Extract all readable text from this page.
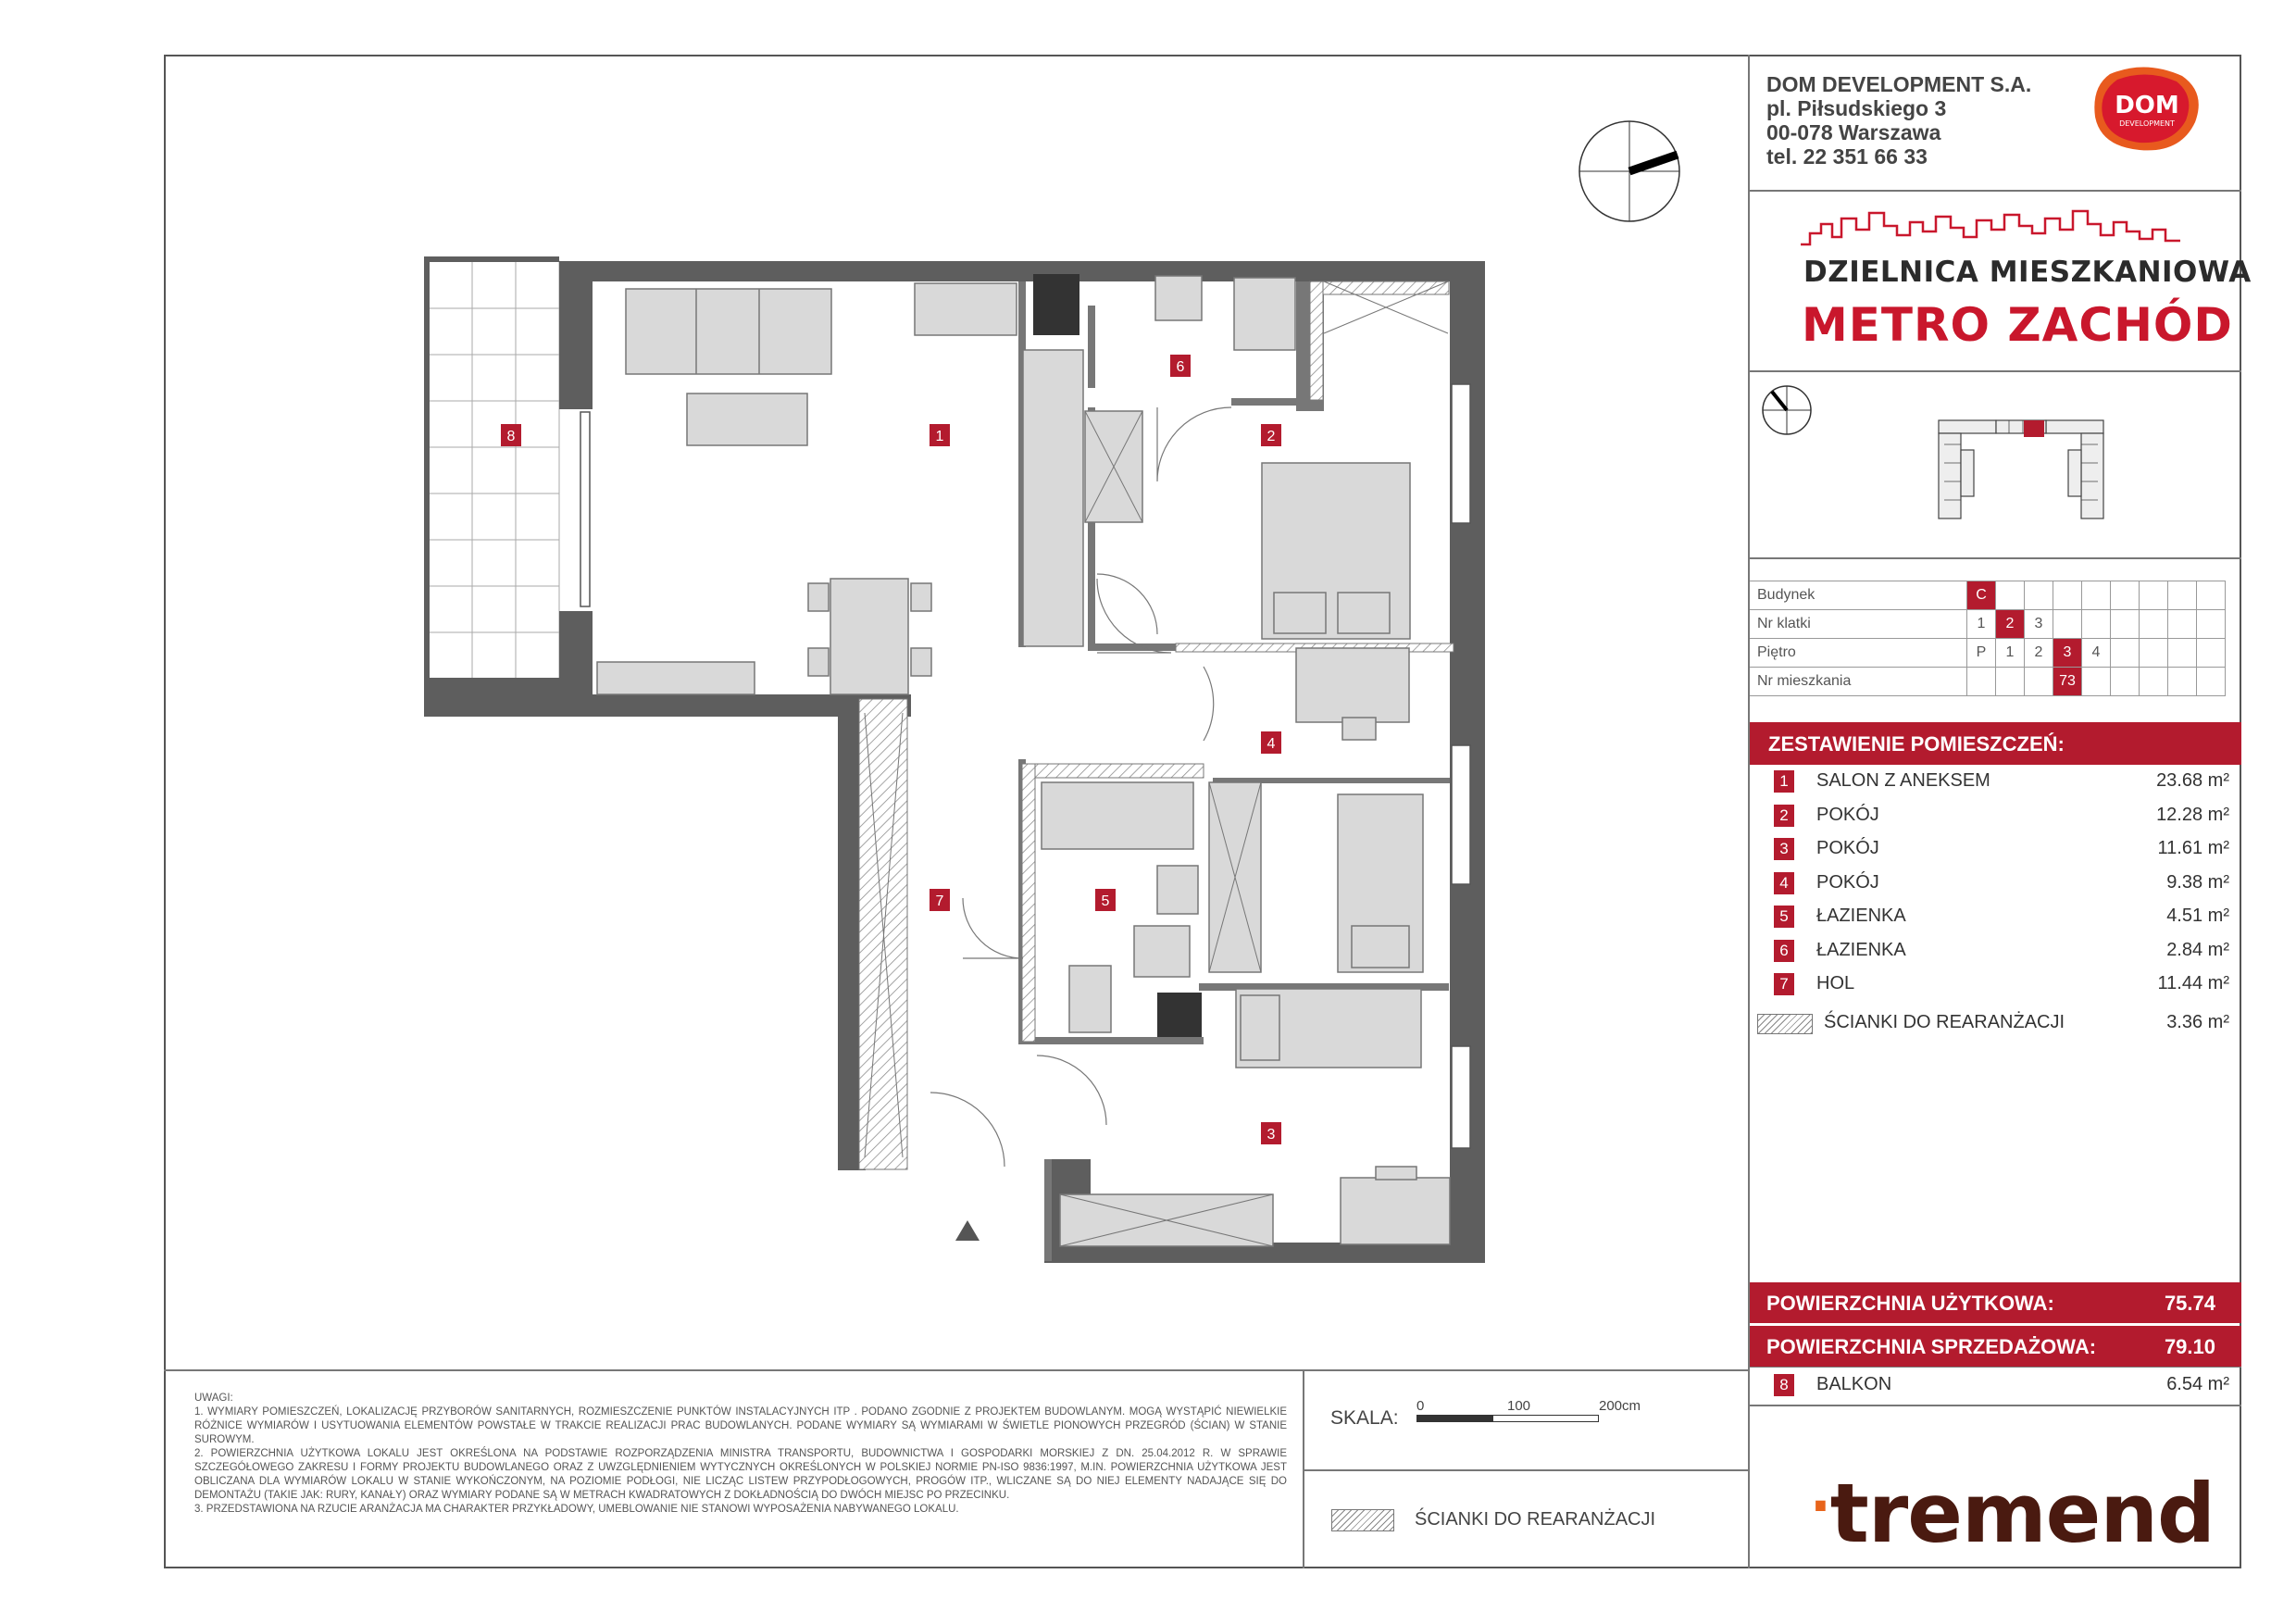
DOM DEVELOPMENT S.A.
pl. Piłsudskiego 3
00-078 Warszawa
tel. 22 351 66 33
DOM
DEVELOPMENT
DZIELNICA MIESZKANIOWA
METRO ZACHÓD
Budynek	C								
Nr klatki	1	2	3						
Piętro	P	1	2	3	4				
Nr mieszkania				73					
ZESTAWIENIE POMIESZCZEŃ:
1	SALON Z ANEKSEM	23.68 m²
2	POKÓJ	12.28 m²
3	POKÓJ	11.61 m²
4	POKÓJ	9.38 m²
5	ŁAZIENKA	4.51 m²
6	ŁAZIENKA	2.84 m²
7	HOL	11.44 m²
ŚCIANKI DO REARANŻACJI	3.36 m²
POWIERZCHNIA UŻYTKOWA:	75.74
POWIERZCHNIA SPRZEDAŻOWA:	79.10
8	BALKON	6.54 m²
·tremend
SKALA:
0	100	200cm
ŚCIANKI DO REARANŻACJI
UWAGI:
1. WYMIARY POMIESZCZEŃ, LOKALIZACJĘ PRZYBORÓW SANITARNYCH, ROZMIESZCZENIE PUNKTÓW INSTALACYJNYCH ITP . PODANO ZGODNIE Z PROJEKTEM BUDOWLANYM. MOGĄ WYSTĄPIĆ NIEWIELKIE RÓŻNICE WYMIARÓW I USYTUOWANIA ELEMENTÓW POWSTAŁE W TRAKCIE REALIZACJI PRAC BUDOWLANYCH. PODANE WYMIARY SĄ WYMIARAMI W ŚWIETLE PIONOWYCH PRZEGRÓD (ŚCIAN) W STANIE SUROWYM.
2. POWIERZCHNIA UŻYTKOWA LOKALU JEST OKREŚLONA NA PODSTAWIE ROZPORZĄDZENIA MINISTRA TRANSPORTU, BUDOWNICTWA I GOSPODARKI MORSKIEJ Z DN. 25.04.2012 R. W SPRAWIE SZCZEGÓŁOWEGO ZAKRESU I FORMY PROJEKTU BUDOWLANEGO ORAZ Z UWZGLĘDNIENIEM WYTYCZNYCH OKREŚLONYCH W POLSKIEJ NORMIE PN-ISO 9836:1997, M.IN. POWIERZCHNIA UŻYTKOWA JEST OBLICZANA DLA WYMIARÓW LOKALU W STANIE WYKOŃCZONYM, NA POZIOMIE PODŁOGI, NIE LICZĄC LISTEW PRZYPODŁOGOWYCH, PROGÓW ITP., WLICZANE SĄ DO NIEJ ELEMENTY NADAJĄCE SIĘ DO DEMONTAŻU (TAKIE JAK: RURY, KANAŁY) ORAZ WYMIARY PODANE SĄ W METRACH KWADRATOWYCH Z DOKŁADNOŚCIĄ DO DWÓCH MIEJSC PO PRZECINKU.
3. PRZEDSTAWIONA NA RZUCIE ARANŻACJA MA CHARAKTER PRZYKŁADOWY, UMEBLOWANIE NIE STANOWI WYPOSAŻENIA NABYWANEGO LOKALU.
1	2
3
4
5
6
7
8
